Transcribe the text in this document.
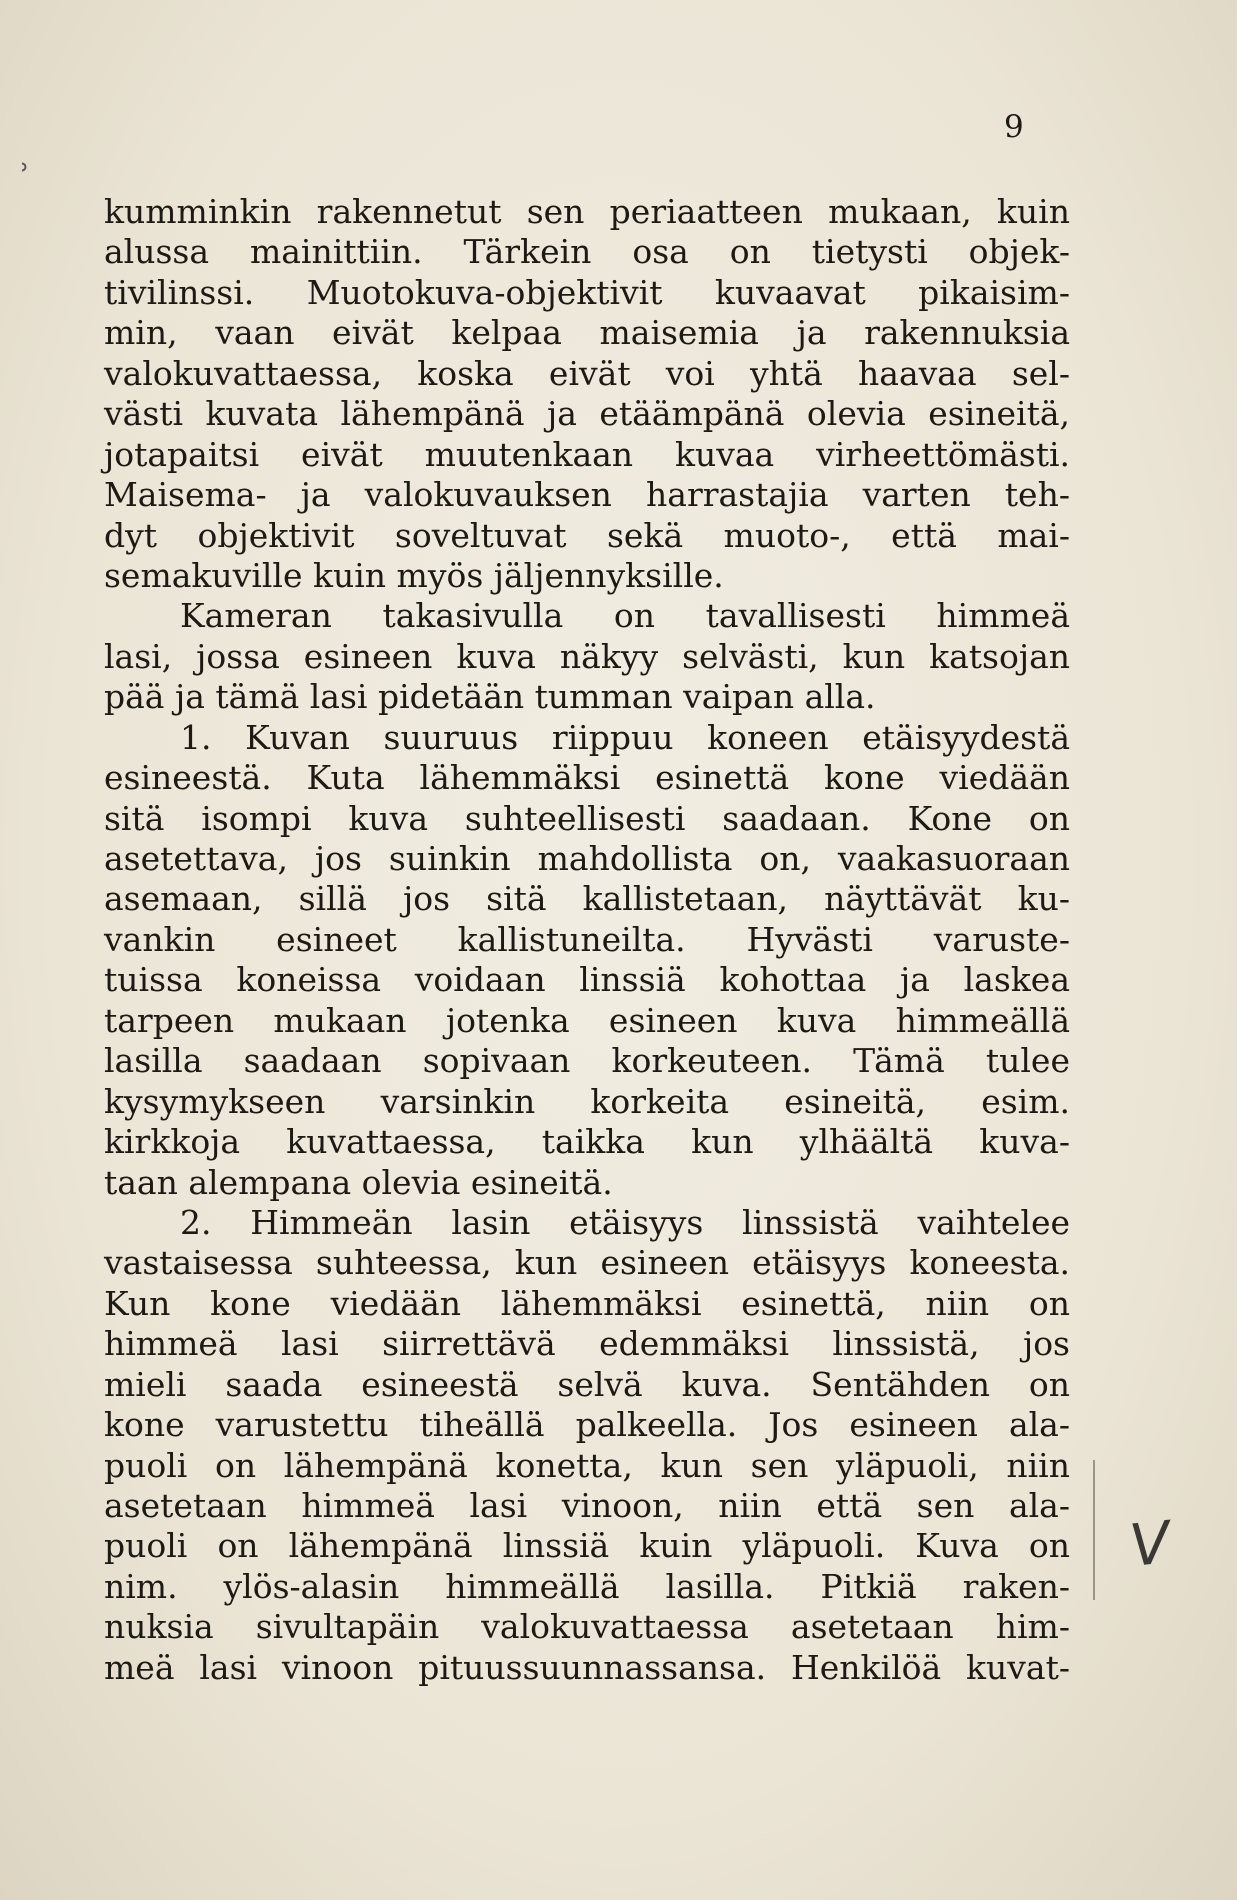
ʾ
9
kumminkin rakennetut sen periaatteen mukaan, kuin
alussa mainittiin. Tärkein osa on tietysti objek-
tivilinssi. Muotokuva-objektivit kuvaavat pikaisim-
min, vaan eivät kelpaa maisemia ja rakennuksia
valokuvattaessa, koska eivät voi yhtä haavaa sel-
västi kuvata lähempänä ja etäämpänä olevia esineitä,
jotapaitsi eivät muutenkaan kuvaa virheettömästi.
Maisema- ja valokuvauksen harrastajia varten teh-
dyt objektivit soveltuvat sekä muoto-, että mai-
semakuville kuin myös jäljennyksille.
Kameran takasivulla on tavallisesti himmeä
lasi, jossa esineen kuva näkyy selvästi, kun katsojan
pää ja tämä lasi pidetään tumman vaipan alla.
1. Kuvan suuruus riippuu koneen etäisyydestä
esineestä. Kuta lähemmäksi esinettä kone viedään
sitä isompi kuva suhteellisesti saadaan. Kone on
asetettava, jos suinkin mahdollista on, vaakasuoraan
asemaan, sillä jos sitä kallistetaan, näyttävät ku-
vankin esineet kallistuneilta. Hyvästi varuste-
tuissa koneissa voidaan linssiä kohottaa ja laskea
tarpeen mukaan jotenka esineen kuva himmeällä
lasilla saadaan sopivaan korkeuteen. Tämä tulee
kysymykseen varsinkin korkeita esineitä, esim.
kirkkoja kuvattaessa, taikka kun ylhäältä kuva-
taan alempana olevia esineitä.
2. Himmeän lasin etäisyys linssistä vaihtelee
vastaisessa suhteessa, kun esineen etäisyys koneesta.
Kun kone viedään lähemmäksi esinettä, niin on
himmeä lasi siirrettävä edemmäksi linssistä, jos
mieli saada esineestä selvä kuva. Sentähden on
kone varustettu tiheällä palkeella. Jos esineen ala-
puoli on lähempänä konetta, kun sen yläpuoli, niin
asetetaan himmeä lasi vinoon, niin että sen ala-
puoli on lähempänä linssiä kuin yläpuoli. Kuva on
nim. ylös-alasin himmeällä lasilla. Pitkiä raken-
nuksia sivultapäin valokuvattaessa asetetaan him-
meä lasi vinoon pituussuunnassansa. Henkilöä kuvat-
V
